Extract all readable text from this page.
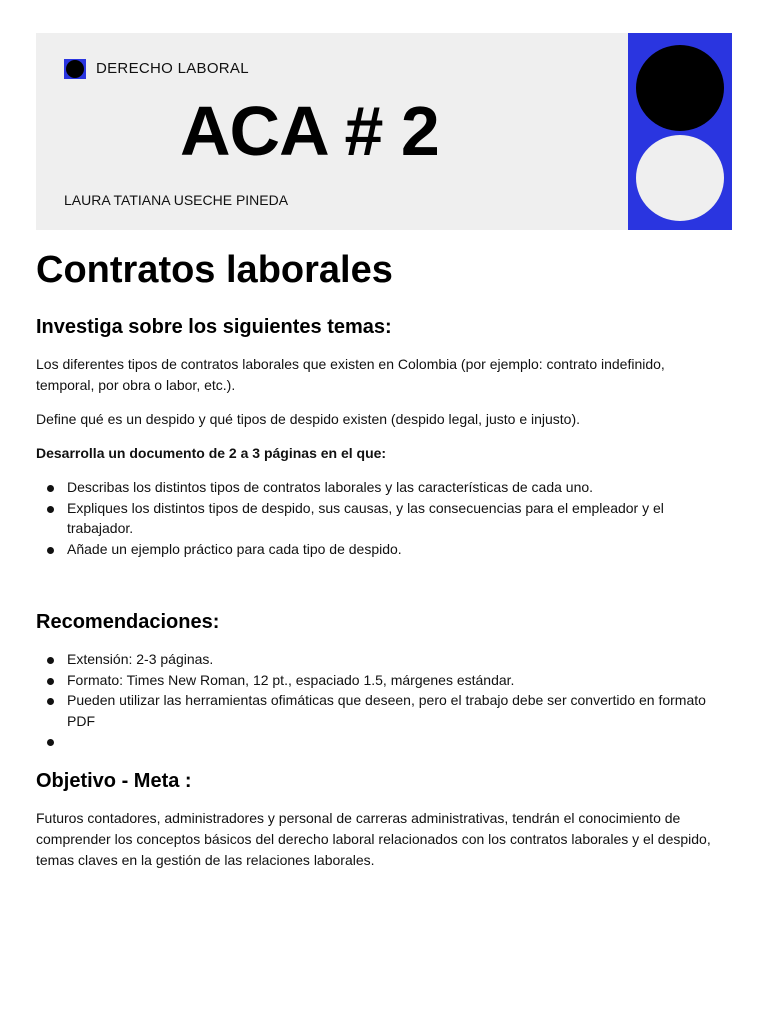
DERECHO LABORAL
ACA # 2
LAURA TATIANA USECHE PINEDA
Contratos laborales
Investiga sobre los siguientes temas:

Los diferentes tipos de contratos laborales que existen en Colombia (por ejemplo: contrato indefinido, temporal, por obra o labor, etc.).

Define qué es un despido y qué tipos de despido existen (despido legal, justo e injusto).

Desarrolla un documento de 2 a 3 páginas en el que:

Describas los distintos tipos de contratos laborales y las características de cada uno.
Expliques los distintos tipos de despido, sus causas, y las consecuencias para el empleador y el trabajador.
Añade un ejemplo práctico para cada tipo de despido.
Recomendaciones:
Extensión: 2-3 páginas.
Formato: Times New Roman, 12 pt., espaciado 1.5, márgenes estándar.
Pueden utilizar las herramientas ofimáticas que deseen, pero el trabajo debe ser convertido en formato PDF
Objetivo - Meta :

Futuros contadores, administradores y personal de carreras administrativas, tendrán el conocimiento de comprender los conceptos básicos del derecho laboral relacionados con los contratos laborales y el despido, temas claves en la gestión de las relaciones laborales.
